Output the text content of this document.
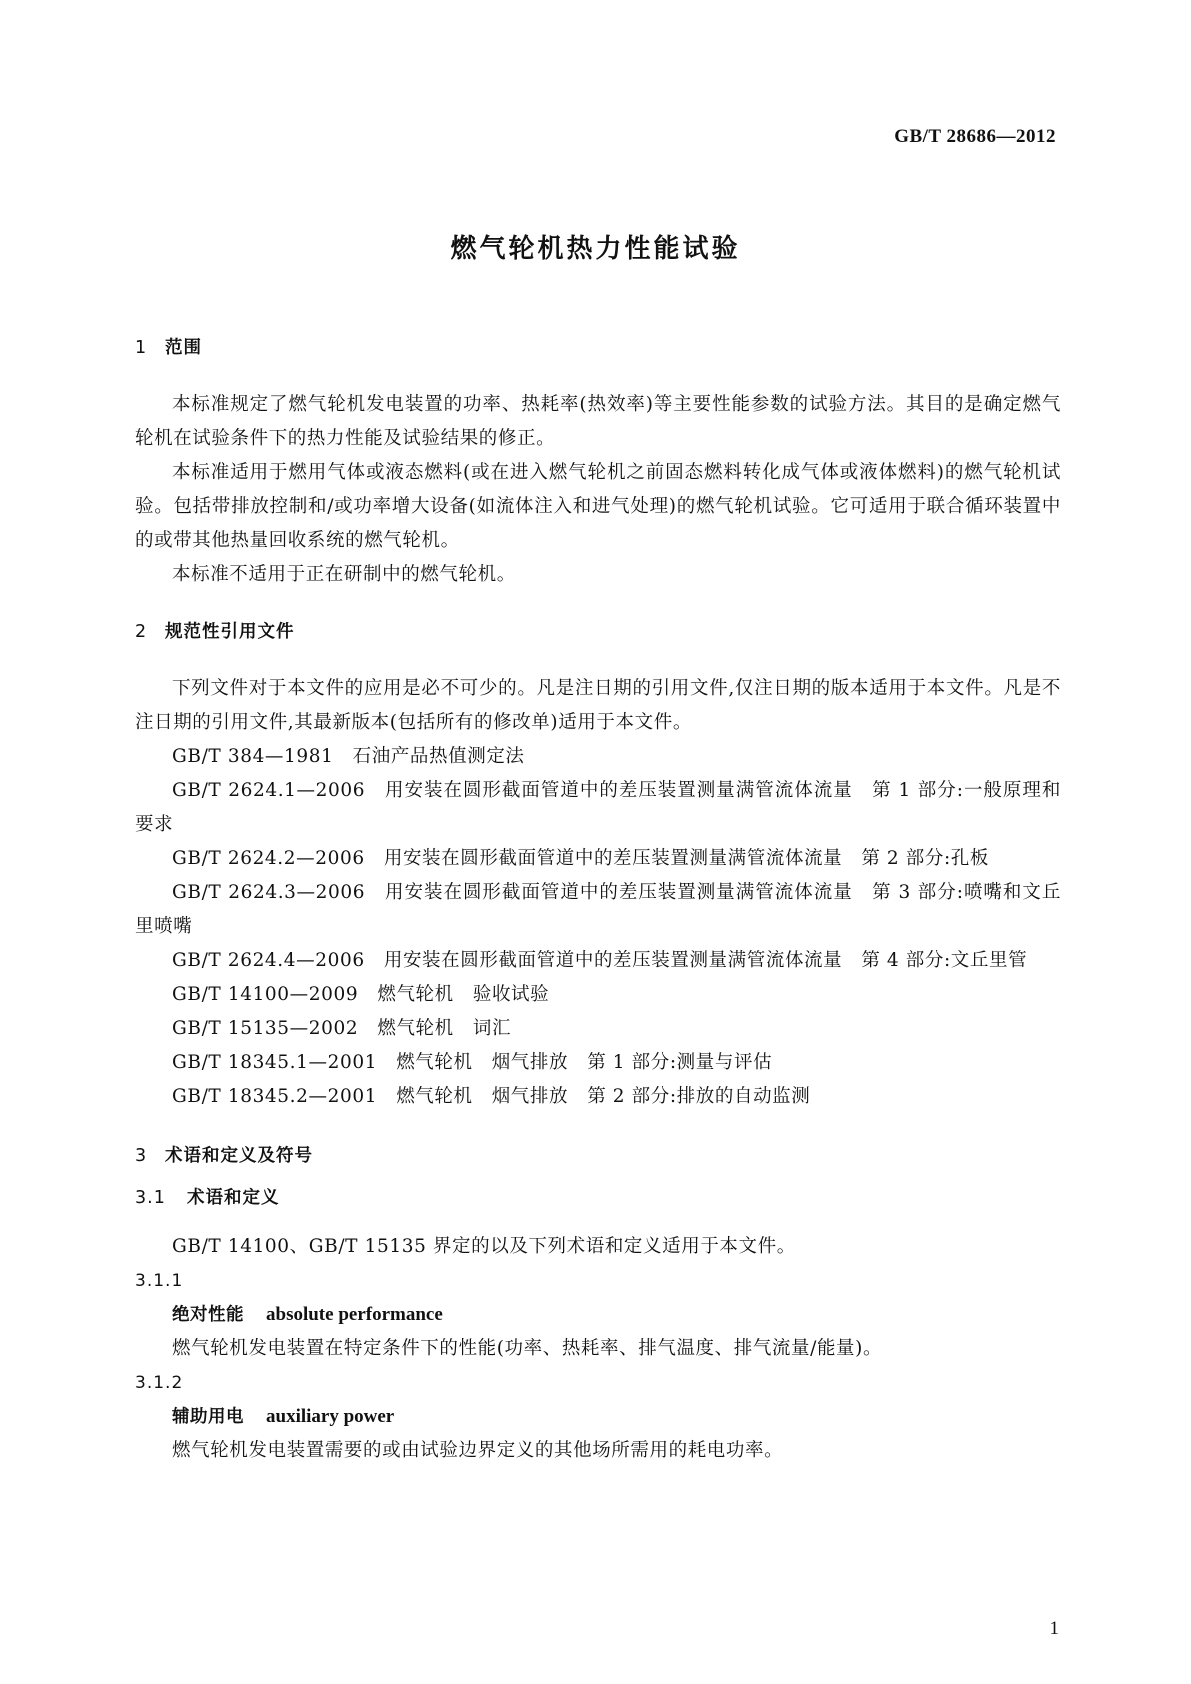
GB/T 28686—2012
燃气轮机热力性能试验
1 范围

本标准规定了燃气轮机发电装置的功率、热耗率(热效率)等主要性能参数的试验方法。其目的是确定燃气轮机在试验条件下的热力性能及试验结果的修正。

本标准适用于燃用气体或液态燃料(或在进入燃气轮机之前固态燃料转化成气体或液体燃料)的燃气轮机试验。包括带排放控制和/或功率增大设备(如流体注入和进气处理)的燃气轮机试验。它可适用于联合循环装置中的或带其他热量回收系统的燃气轮机。

本标准不适用于正在研制中的燃气轮机。

2 规范性引用文件

下列文件对于本文件的应用是必不可少的。凡是注日期的引用文件,仅注日期的版本适用于本文件。凡是不注日期的引用文件,其最新版本(包括所有的修改单)适用于本文件。

GB/T 384—1981　石油产品热值测定法

GB/T 2624.1—2006　用安装在圆形截面管道中的差压装置测量满管流体流量　第 1 部分:一般原理和要求

GB/T 2624.2—2006　用安装在圆形截面管道中的差压装置测量满管流体流量　第 2 部分:孔板

GB/T 2624.3—2006　用安装在圆形截面管道中的差压装置测量满管流体流量　第 3 部分:喷嘴和文丘里喷嘴

GB/T 2624.4—2006　用安装在圆形截面管道中的差压装置测量满管流体流量　第 4 部分:文丘里管

GB/T 14100—2009　燃气轮机　验收试验

GB/T 15135—2002　燃气轮机　词汇

GB/T 18345.1—2001　燃气轮机　烟气排放　第 1 部分:测量与评估

GB/T 18345.2—2001　燃气轮机　烟气排放　第 2 部分:排放的自动监测

3 术语和定义及符号
3.1 术语和定义

GB/T 14100、GB/T 15135 界定的以及下列术语和定义适用于本文件。

3.1.1
绝对性能 absolute performance

燃气轮机发电装置在特定条件下的性能(功率、热耗率、排气温度、排气流量/能量)。

3.1.2
辅助用电 auxiliary power

燃气轮机发电装置需要的或由试验边界定义的其他场所需用的耗电功率。

1
